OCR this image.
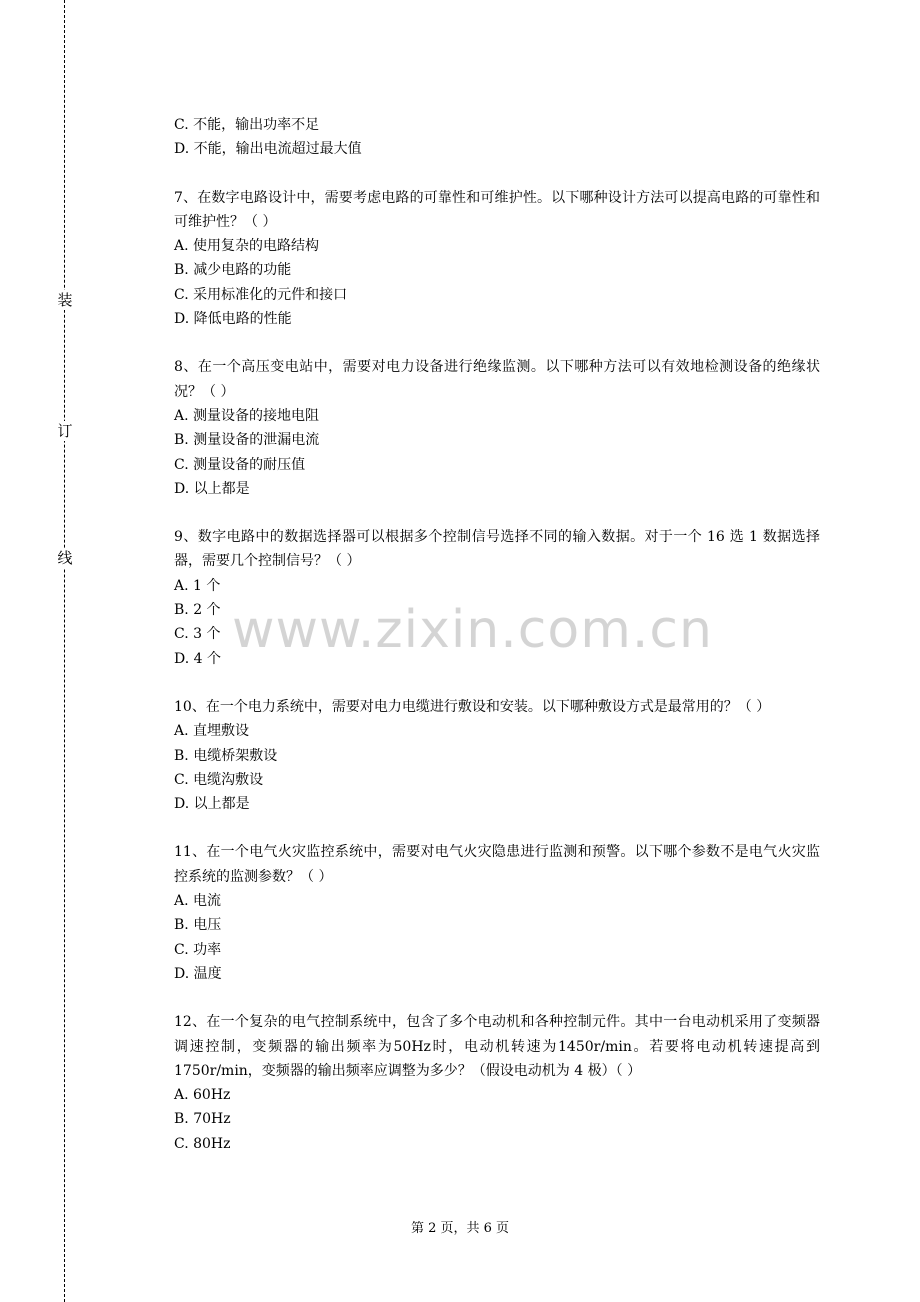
装
订
线
C. 不能，输出功率不足
D. 不能，输出电流超过最大值
7、在数字电路设计中，需要考虑电路的可靠性和可维护性。以下哪种设计方法可以提高电路的可靠性和可维护性？（ ）
A. 使用复杂的电路结构
B. 减少电路的功能
C. 采用标准化的元件和接口
D. 降低电路的性能
8、在一个高压变电站中，需要对电力设备进行绝缘监测。以下哪种方法可以有效地检测设备的绝缘状况？（ ）
A. 测量设备的接地电阻
B. 测量设备的泄漏电流
C. 测量设备的耐压值
D. 以上都是
9、数字电路中的数据选择器可以根据多个控制信号选择不同的输入数据。对于一个 16 选 1 数据选择器，需要几个控制信号？（ ）
A. 1 个
B. 2 个
C. 3 个
D. 4 个
10、在一个电力系统中，需要对电力电缆进行敷设和安装。以下哪种敷设方式是最常用的？（ ）
A. 直埋敷设
B. 电缆桥架敷设
C. 电缆沟敷设
D. 以上都是
11、在一个电气火灾监控系统中，需要对电气火灾隐患进行监测和预警。以下哪个参数不是电气火灾监控系统的监测参数？（ ）
A. 电流
B. 电压
C. 功率
D. 温度
12、在一个复杂的电气控制系统中，包含了多个电动机和各种控制元件。其中一台电动机采用了变频器调速控制，变频器的输出频率为50Hz时，电动机转速为1450r/min。若要将电动机转速提高到 1750r/min，变频器的输出频率应调整为多少？（假设电动机为 4 极）（ ）
A. 60Hz
B. 70Hz
C. 80Hz
www.zixin.com.cn
第 2 页，共 6 页
